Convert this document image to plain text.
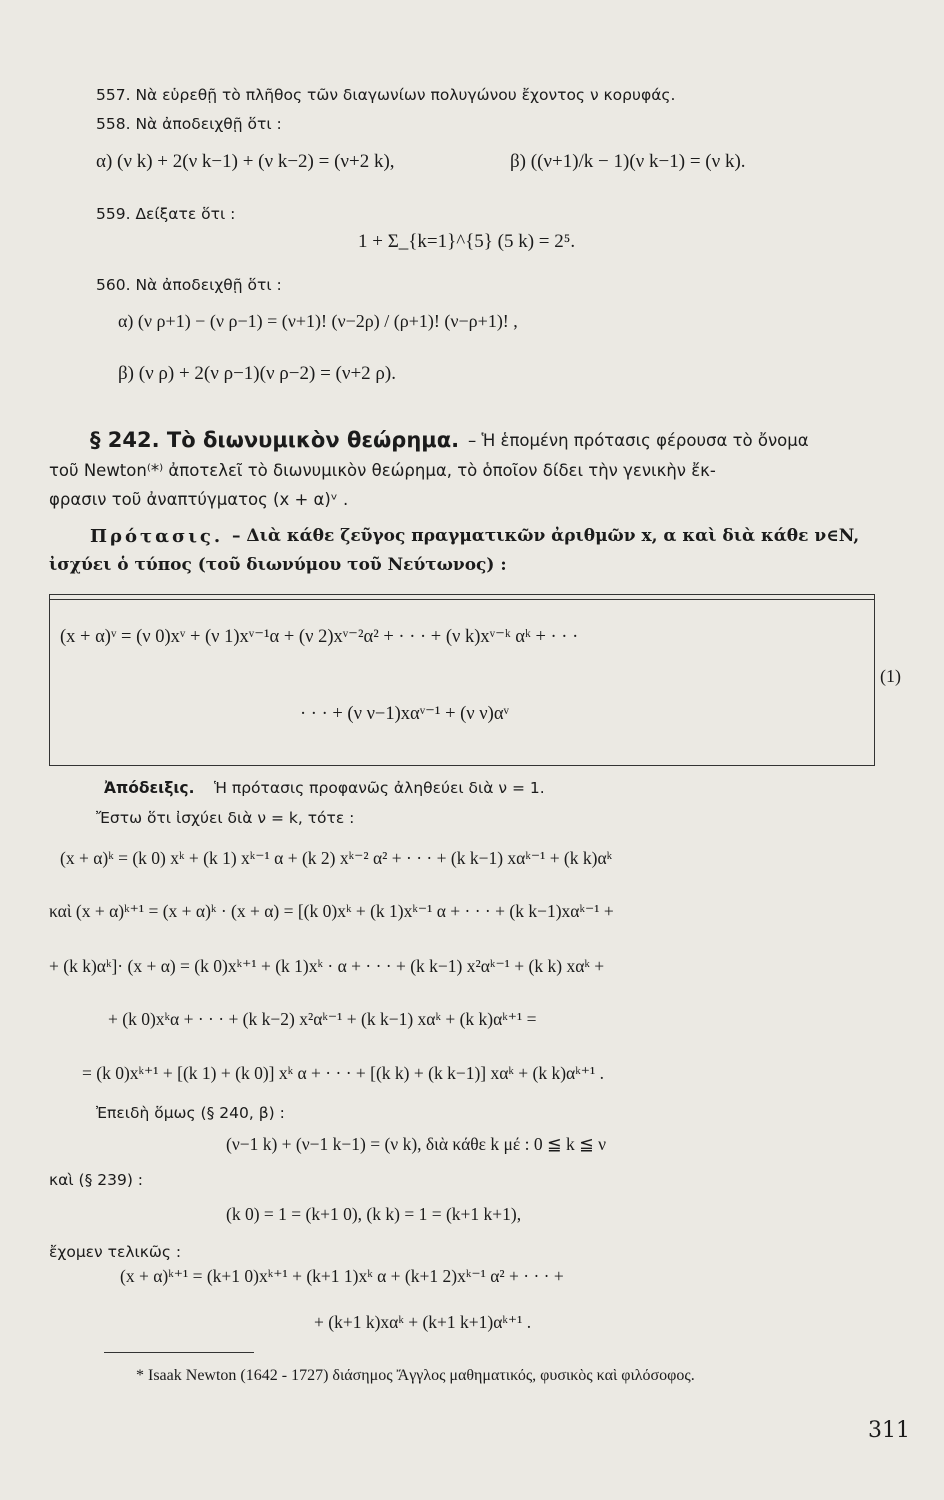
557. Νὰ εὑρεθῇ τὸ πλῆθος τῶν διαγωνίων πολυγώνου ἔχοντος ν κορυφάς.
558. Νὰ ἀποδειχθῇ ὅτι :
α) (ν k) + 2(ν k−1) + (ν k−2) = (ν+2 k),	β) ((ν+1)/k − 1)(ν k−1) = (ν k).
559. Δείξατε ὅτι :
1 + Σ_{k=1}^{5} (5 k) = 2⁵.
560. Νὰ ἀποδειχθῇ ὅτι :
α) (ν ρ+1) − (ν ρ−1) = (ν+1)! (ν−2ρ) / (ρ+1)! (ν−ρ+1)! ,
β) (ν ρ) + 2(ν ρ−1)(ν ρ−2) = (ν+2 ρ).
§ 242. Τὸ διωνυμικὸν θεώρημα. – Ἡ ἑπομένη πρότασις φέρουσα τὸ ὄνομα
τοῦ Newton⁽*⁾ ἀποτελεῖ τὸ διωνυμικὸν θεώρημα, τὸ ὁποῖον δίδει τὴν γενικὴν ἔκ-
φρασιν τοῦ ἀναπτύγματος (x + α)ᵛ .
Πρότασις. – Διὰ κάθε ζεῦγος πραγματικῶν ἀριθμῶν x, α καὶ διὰ κάθε ν∈N,
ἰσχύει ὁ τύπος (τοῦ διωνύμου τοῦ Νεύτωνος) :
(x + α)ᵛ = (ν 0)xᵛ + (ν 1)xᵛ⁻¹α + (ν 2)xᵛ⁻²α² + · · · + (ν k)xᵛ⁻ᵏ αᵏ + · · ·
· · · + (ν ν−1)xαᵛ⁻¹ + (ν ν)αᵛ
(1)
Ἀπόδειξις. Ἡ πρότασις προφανῶς ἀληθεύει διὰ ν = 1.
Ἔστω ὅτι ἰσχύει διὰ ν = k, τότε :
(x + α)ᵏ = (k 0) xᵏ + (k 1) xᵏ⁻¹ α + (k 2) xᵏ⁻² α² + · · · + (k k−1) xαᵏ⁻¹ + (k k)αᵏ
καὶ (x + α)ᵏ⁺¹ = (x + α)ᵏ · (x + α) = [(k 0)xᵏ + (k 1)xᵏ⁻¹ α + · · · + (k k−1)xαᵏ⁻¹ +
+ (k k)αᵏ]· (x + α) = (k 0)xᵏ⁺¹ + (k 1)xᵏ · α + · · · + (k k−1) x²αᵏ⁻¹ + (k k) xαᵏ +
+ (k 0)xᵏα + · · · + (k k−2) x²αᵏ⁻¹ + (k k−1) xαᵏ + (k k)αᵏ⁺¹ =
= (k 0)xᵏ⁺¹ + [(k 1) + (k 0)] xᵏ α + · · · + [(k k) + (k k−1)] xαᵏ + (k k)αᵏ⁺¹ .
Ἐπειδὴ ὅμως (§ 240, β) :
(ν−1 k) + (ν−1 k−1) = (ν k), διὰ κάθε k μέ : 0 ≦ k ≦ ν
καὶ (§ 239) :
(k 0) = 1 = (k+1 0), (k k) = 1 = (k+1 k+1),
ἔχομεν τελικῶς :
(x + α)ᵏ⁺¹ = (k+1 0)xᵏ⁺¹ + (k+1 1)xᵏ α + (k+1 2)xᵏ⁻¹ α² + · · · +
+ (k+1 k)xαᵏ + (k+1 k+1)αᵏ⁺¹ .
* Isaak Newton (1642 - 1727) διάσημος Ἄγγλος μαθηματικός, φυσικὸς καὶ φιλόσοφος.
311
